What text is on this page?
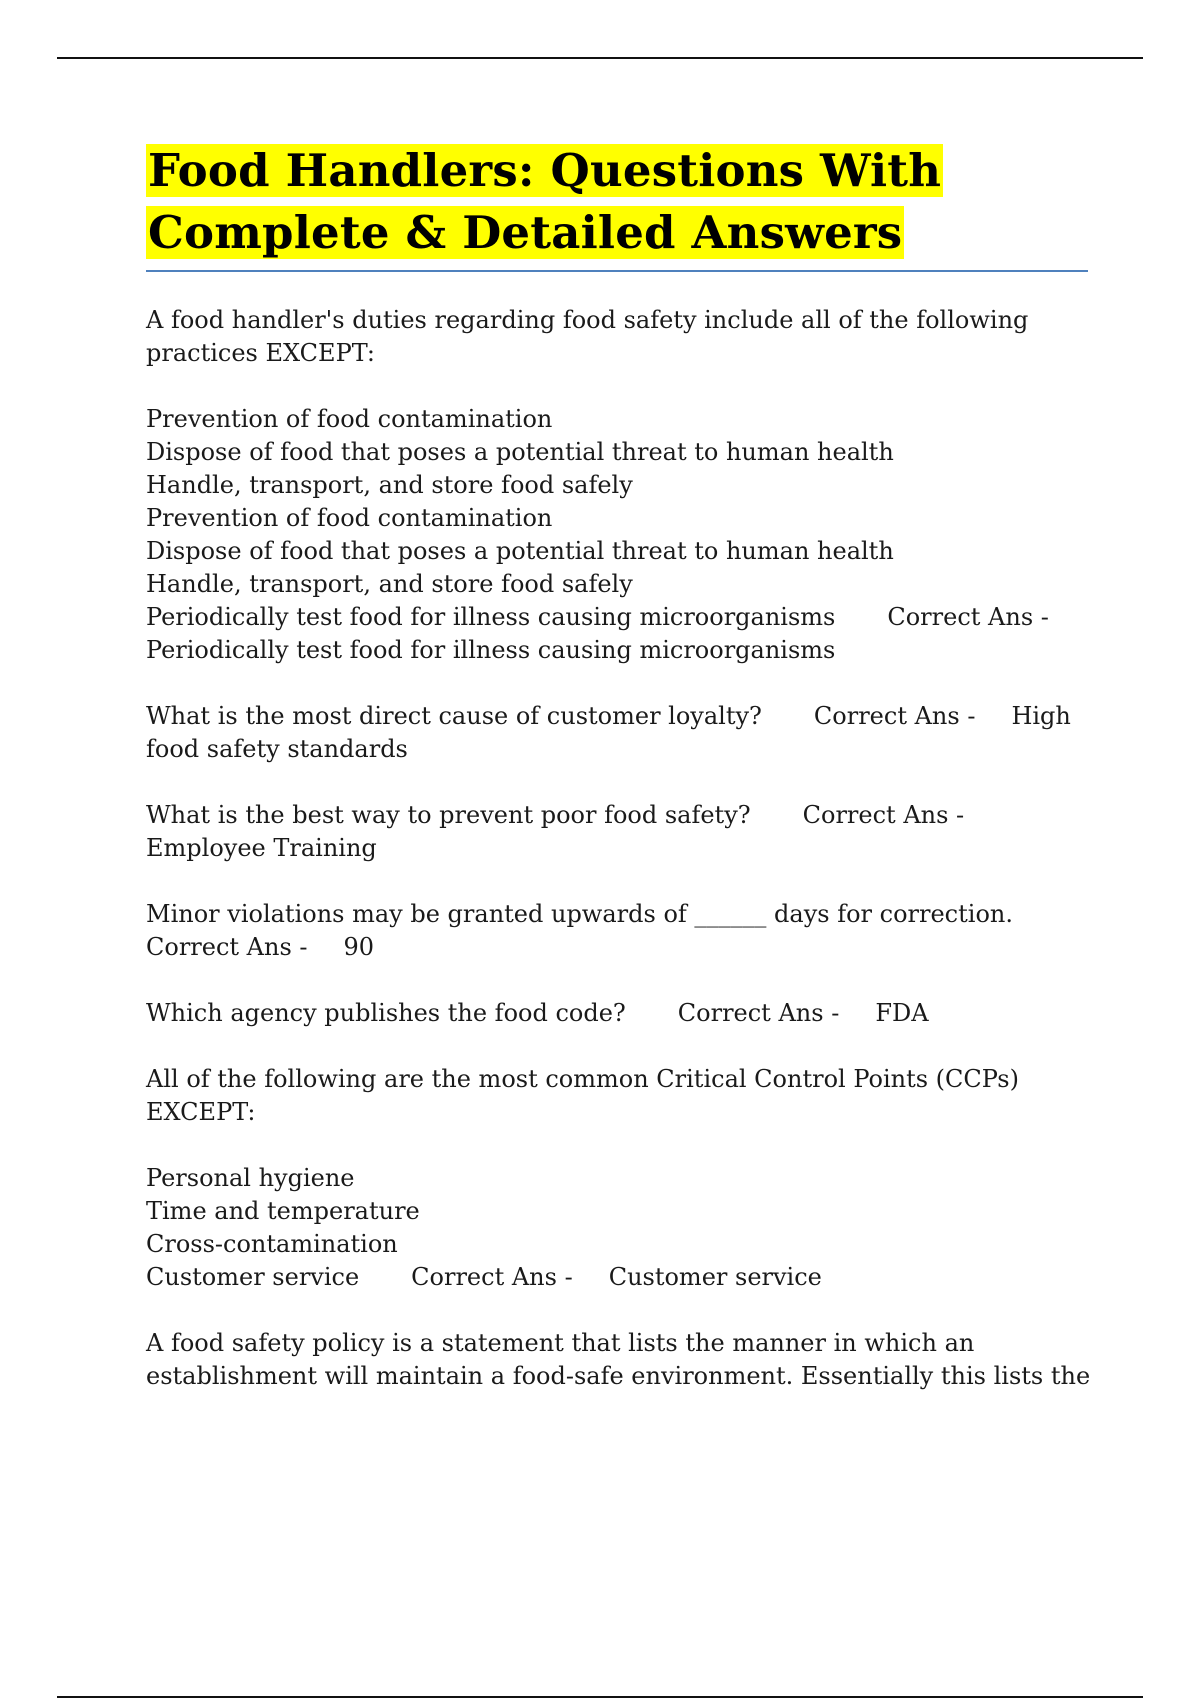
Food Handlers: Questions With
Complete & Detailed Answers
A food handler's duties regarding food safety include all of the following
practices EXCEPT:
Prevention of food contamination
Dispose of food that poses a potential threat to human health
Handle, transport, and store food safely
Prevention of food contamination
Dispose of food that poses a potential threat to human health
Handle, transport, and store food safely
Periodically test food for illness causing microorganisms Correct Ans -
Periodically test food for illness causing microorganisms
What is the most direct cause of customer loyalty? Correct Ans - High
food safety standards
What is the best way to prevent poor food safety? Correct Ans -
Employee Training
Minor violations may be granted upwards of ______ days for correction.
Correct Ans - 90
Which agency publishes the food code? Correct Ans - FDA
All of the following are the most common Critical Control Points (CCPs)
EXCEPT:
Personal hygiene
Time and temperature
Cross-contamination
Customer service Correct Ans - Customer service
A food safety policy is a statement that lists the manner in which an
establishment will maintain a food-safe environment. Essentially this lists the
